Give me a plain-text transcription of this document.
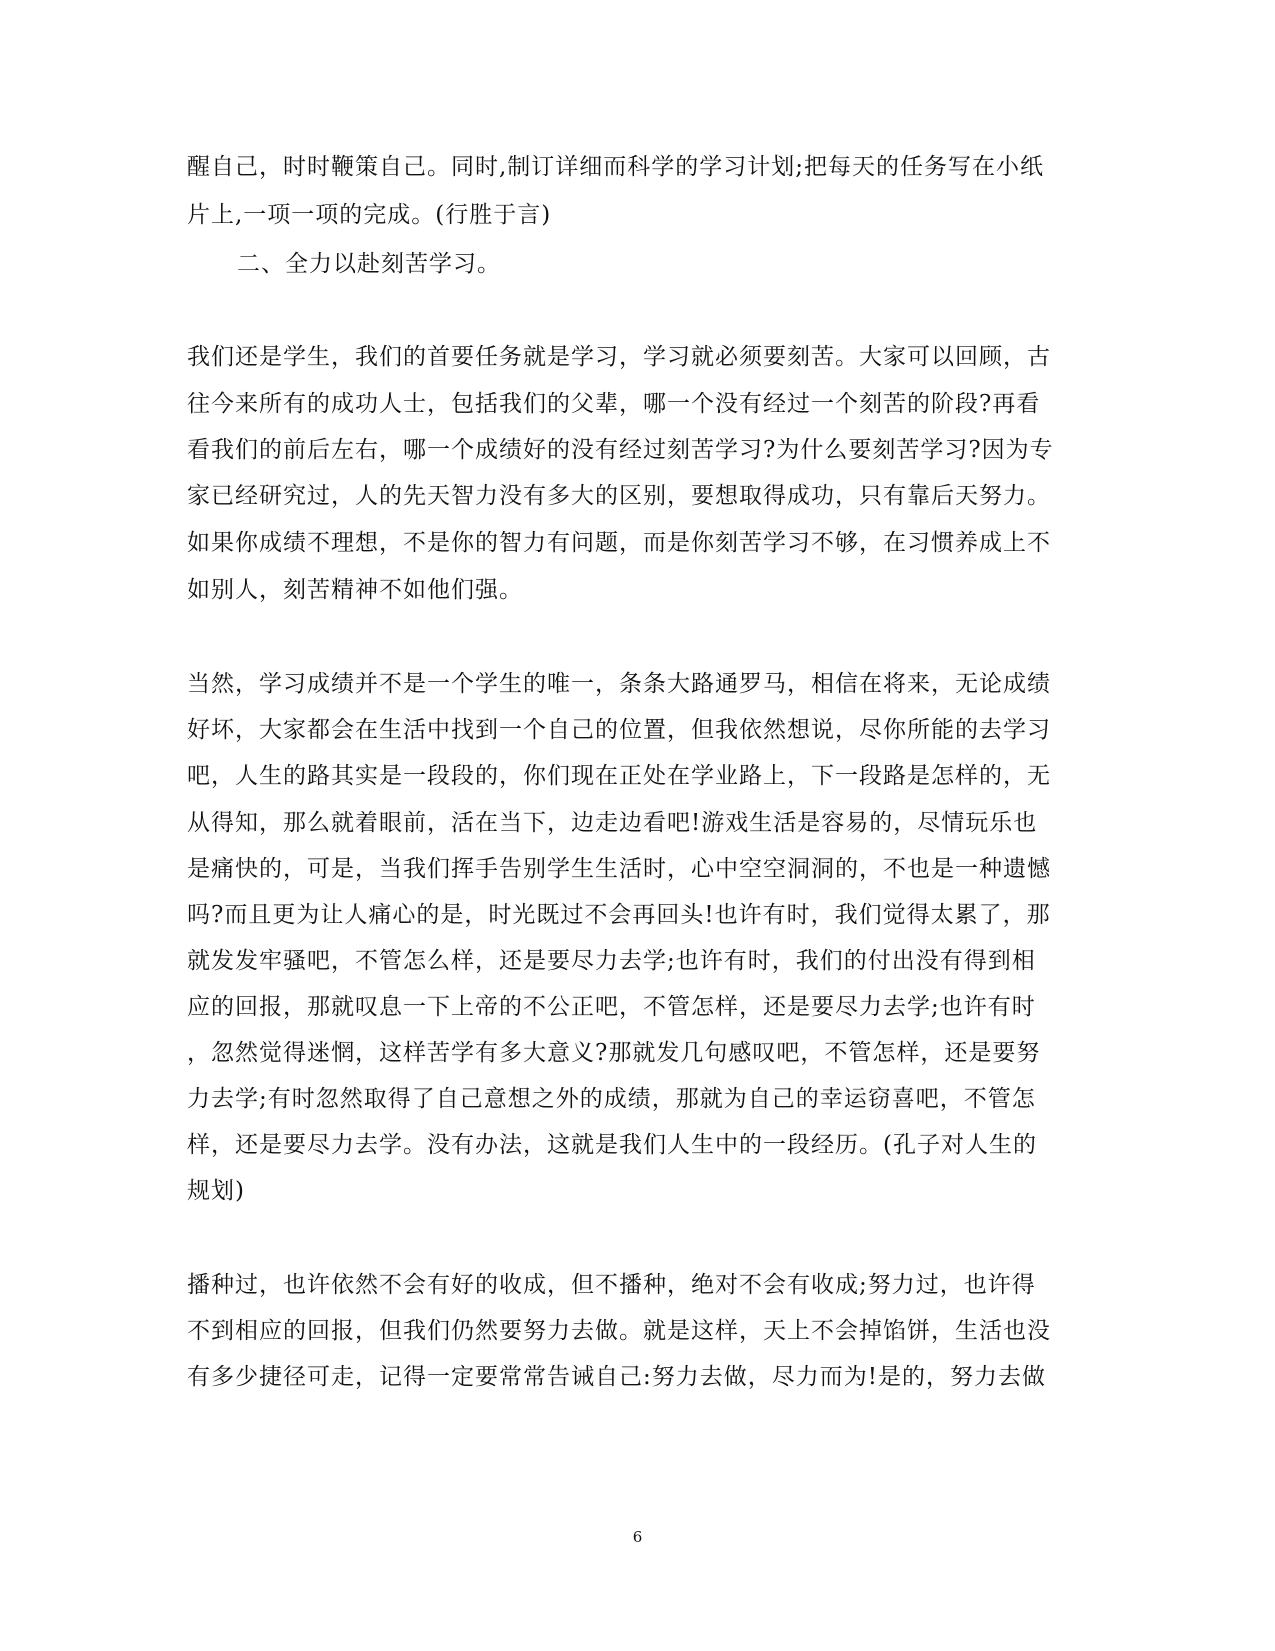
醒自己，时时鞭策自己。同时,制订详细而科学的学习计划;把每天的任务写在小纸
片上,一项一项的完成。(行胜于言)
二、全力以赴刻苦学习。
我们还是学生，我们的首要任务就是学习，学习就必须要刻苦。大家可以回顾，古
往今来所有的成功人士，包括我们的父辈，哪一个没有经过一个刻苦的阶段?再看
看我们的前后左右，哪一个成绩好的没有经过刻苦学习?为什么要刻苦学习?因为专
家已经研究过，人的先天智力没有多大的区别，要想取得成功，只有靠后天努力。
如果你成绩不理想，不是你的智力有问题，而是你刻苦学习不够，在习惯养成上不
如别人，刻苦精神不如他们强。
当然，学习成绩并不是一个学生的唯一，条条大路通罗马，相信在将来，无论成绩
好坏，大家都会在生活中找到一个自己的位置，但我依然想说，尽你所能的去学习
吧，人生的路其实是一段段的，你们现在正处在学业路上，下一段路是怎样的，无
从得知，那么就着眼前，活在当下，边走边看吧!游戏生活是容易的，尽情玩乐也
是痛快的，可是，当我们挥手告别学生生活时，心中空空洞洞的，不也是一种遗憾
吗?而且更为让人痛心的是，时光既过不会再回头!也许有时，我们觉得太累了，那
就发发牢骚吧，不管怎么样，还是要尽力去学;也许有时，我们的付出没有得到相
应的回报，那就叹息一下上帝的不公正吧，不管怎样，还是要尽力去学;也许有时
，忽然觉得迷惘，这样苦学有多大意义?那就发几句感叹吧，不管怎样，还是要努
力去学;有时忽然取得了自己意想之外的成绩，那就为自己的幸运窃喜吧，不管怎
样，还是要尽力去学。没有办法，这就是我们人生中的一段经历。(孔子对人生的
规划)
播种过，也许依然不会有好的收成，但不播种，绝对不会有收成;努力过，也许得
不到相应的回报，但我们仍然要努力去做。就是这样，天上不会掉馅饼，生活也没
有多少捷径可走，记得一定要常常告诫自己:努力去做，尽力而为!是的，努力去做
6
